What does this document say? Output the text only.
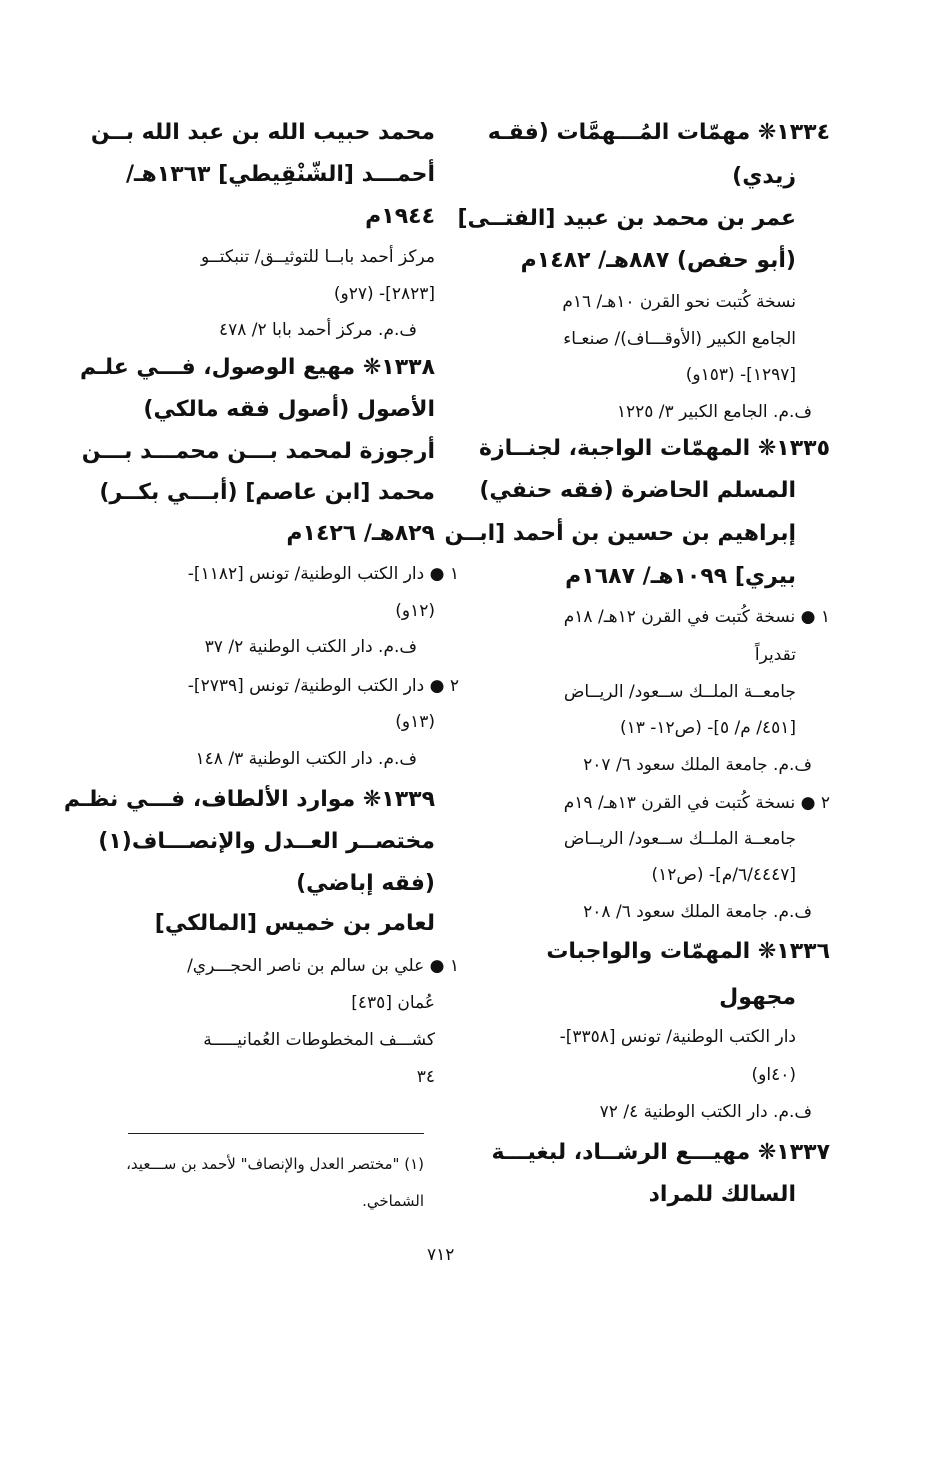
١٣٣٤❋ مهمّات المُـــهمَّات (فقـه
زيدي)
عمر بن محمد بن عبيد [الفتــى]
(أبو حفص) ٨٨٧هـ/ ١٤٨٢م
نسخة كُتبت نحو القرن ١٠هـ/ ١٦م
الجامع الكبير (الأوقـــاف)/ صنعـاء
[١٢٩٧]- (١٥٣و)
ف.م. الجامع الكبير ٣/ ١٢٢٥
١٣٣٥❋ المهمّات الواجبة، لجنــازة
المسلم الحاضرة (فقه حنفي)
إبراهيم بن حسين بن أحمد [ابــن
بيري] ١٠٩٩هـ/ ١٦٨٧م
١ ● نسخة كُتبت في القرن ١٢هـ/ ١٨م
تقديراً
جامعــة الملــك ســعود/ الريــاض
[٤٥١/ م/ ٥]- (ص١٢- ١٣)
ف.م. جامعة الملك سعود ٦/ ٢٠٧
٢ ● نسخة كُتبت في القرن ١٣هـ/ ١٩م
جامعــة الملــك ســعود/ الريــاض
[٦/٤٤٤٧/م]- (ص١٢)
ف.م. جامعة الملك سعود ٦/ ٢٠٨
١٣٣٦❋ المهمّات والواجبات
مجهول
دار الكتب الوطنية/ تونس [٣٣٥٨]-
(٤٠او)
ف.م. دار الكتب الوطنية ٤/ ٧٢
١٣٣٧❋ مهيـــع الرشــاد، لبغيـــة
السالك للمراد
محمد حبيب الله بن عبد الله بــن
أحمـــد [الشّنْقِيطي] ١٣٦٣هـ/
١٩٤٤م
مركز أحمد بابــا للتوثيــق/ تنبكتــو
[٢٨٢٣]- (٢٧و)
ف.م. مركز أحمد بابا ٢/ ٤٧٨
١٣٣٨❋ مهيع الوصول، فـــي علـم
الأصول (أصول فقه مالكي)
أرجوزة لمحمد بـــن محمـــد بـــن
محمد [ابن عاصم] (أبـــي بكــر)
٨٢٩هـ/ ١٤٢٦م
١ ● دار الكتب الوطنية/ تونس [١١٨٢]-
(١٢و)
ف.م. دار الكتب الوطنية ٢/ ٣٧
٢ ● دار الكتب الوطنية/ تونس [٢٧٣٩]-
(١٣و)
ف.م. دار الكتب الوطنية ٣/ ١٤٨
١٣٣٩❋ موارد الألطاف، فـــي نظـم
مختصــر العــدل والإنصـــاف(١)
(فقه إباضي)
لعامر بن خميس [المالكي]
١ ● علي بن سالم بن ناصر الحجـــري/
عُمان [٤٣٥]
كشـــف المخطوطات العُمانيـــــة
٣٤
(١) "مختصر العدل والإنصاف" لأحمد بن ســـعيد،
الشماخي.
٧١٢
